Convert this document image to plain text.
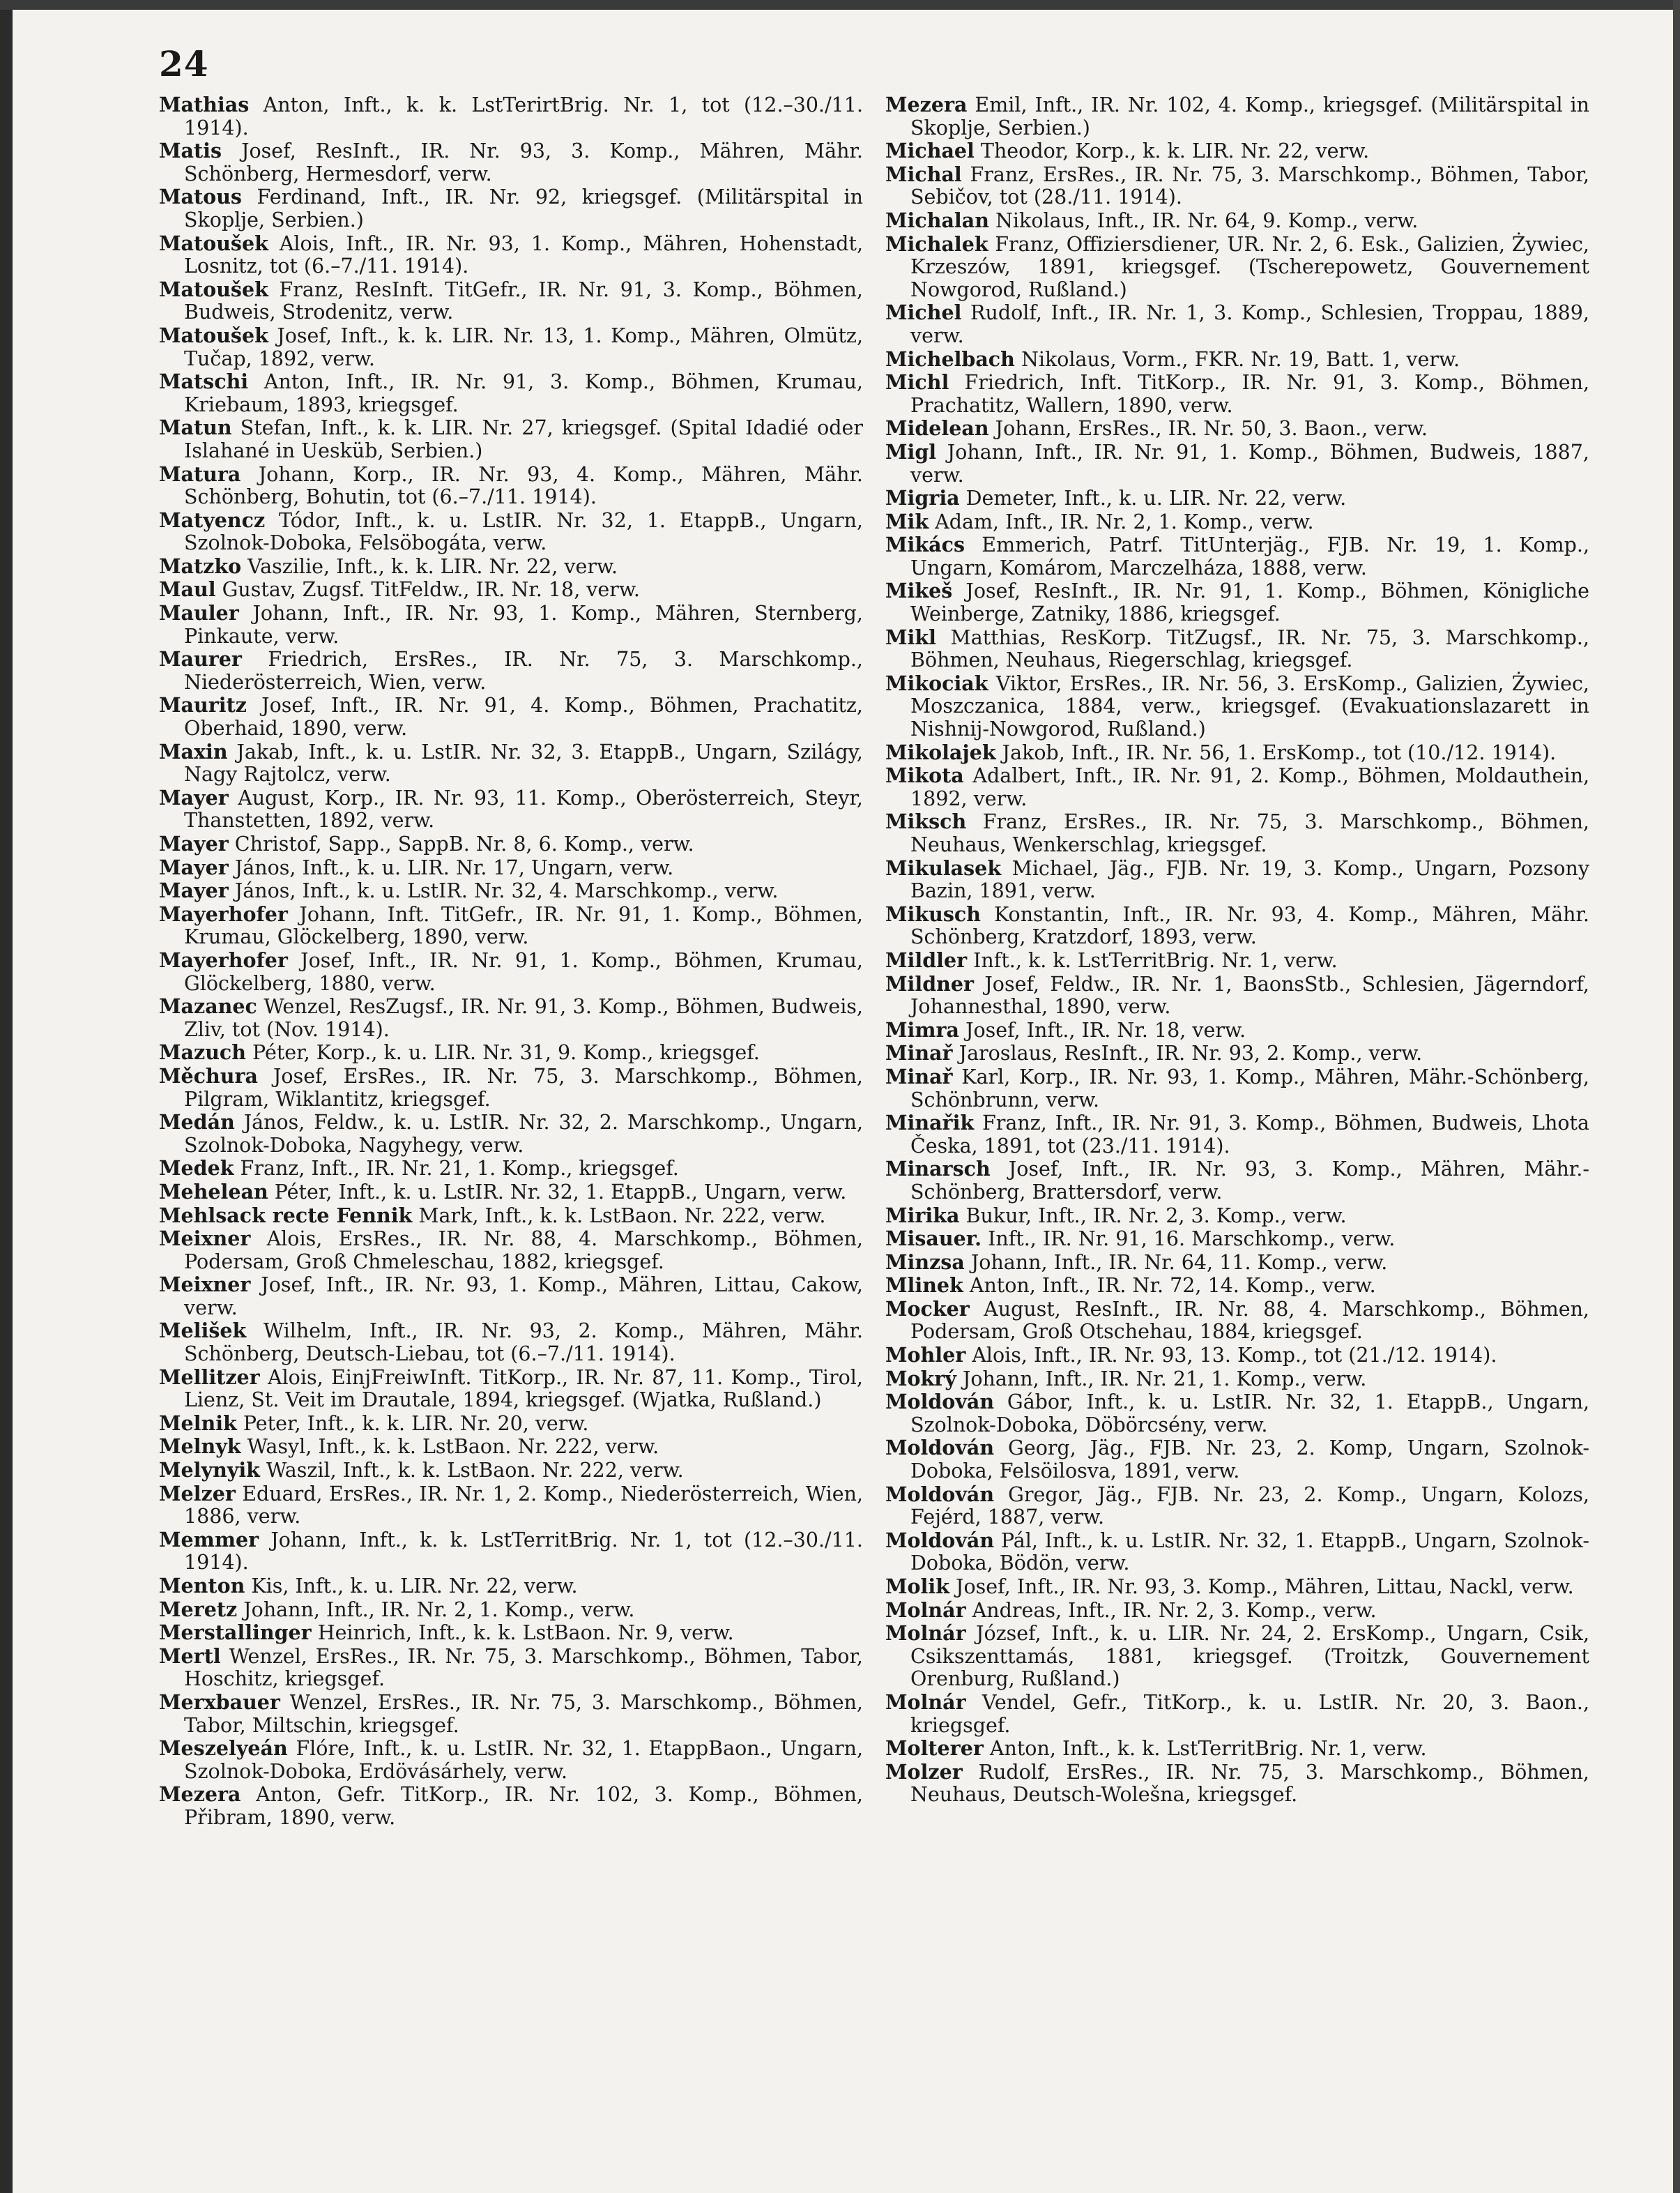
24

Mathias Anton, Inft., k. k. LstTerirtBrig. Nr. 1, tot (12.–30./11. 1914).

Matis Josef, ResInft., IR. Nr. 93, 3. Komp., Mähren, Mähr. Schönberg, Hermesdorf, verw.

Matous Ferdinand, Inft., IR. Nr. 92, kriegsgef. (Militärspital in Skoplje, Serbien.)

Matoušek Alois, Inft., IR. Nr. 93, 1. Komp., Mähren, Hohenstadt, Losnitz, tot (6.–7./11. 1914).

Matoušek Franz, ResInft. TitGefr., IR. Nr. 91, 3. Komp., Böhmen, Budweis, Strodenitz, verw.

Matoušek Josef, Inft., k. k. LIR. Nr. 13, 1. Komp., Mähren, Olmütz, Tučap, 1892, verw.

Matschi Anton, Inft., IR. Nr. 91, 3. Komp., Böhmen, Krumau, Kriebaum, 1893, kriegsgef.

Matun Stefan, Inft., k. k. LIR. Nr. 27, kriegsgef. (Spital Idadié oder Islahané in Uesküb, Serbien.)

Matura Johann, Korp., IR. Nr. 93, 4. Komp., Mähren, Mähr. Schönberg, Bohutin, tot (6.–7./11. 1914).

Matyencz Tódor, Inft., k. u. LstIR. Nr. 32, 1. EtappB., Ungarn, Szolnok-Doboka, Felsöbogáta, verw.

Matzko Vaszilie, Inft., k. k. LIR. Nr. 22, verw.

Maul Gustav, Zugsf. TitFeldw., IR. Nr. 18, verw.

Mauler Johann, Inft., IR. Nr. 93, 1. Komp., Mähren, Sternberg, Pinkaute, verw.

Maurer Friedrich, ErsRes., IR. Nr. 75, 3. Marschkomp., Niederösterreich, Wien, verw.

Mauritz Josef, Inft., IR. Nr. 91, 4. Komp., Böhmen, Prachatitz, Oberhaid, 1890, verw.

Maxin Jakab, Inft., k. u. LstIR. Nr. 32, 3. EtappB., Ungarn, Szilágy, Nagy Rajtolcz, verw.

Mayer August, Korp., IR. Nr. 93, 11. Komp., Oberösterreich, Steyr, Thanstetten, 1892, verw.

Mayer Christof, Sapp., SappB. Nr. 8, 6. Komp., verw.

Mayer János, Inft., k. u. LIR. Nr. 17, Ungarn, verw.

Mayer János, Inft., k. u. LstIR. Nr. 32, 4. Marschkomp., verw.

Mayerhofer Johann, Inft. TitGefr., IR. Nr. 91, 1. Komp., Böhmen, Krumau, Glöckelberg, 1890, verw.

Mayerhofer Josef, Inft., IR. Nr. 91, 1. Komp., Böhmen, Krumau, Glöckelberg, 1880, verw.

Mazanec Wenzel, ResZugsf., IR. Nr. 91, 3. Komp., Böhmen, Budweis, Zliv, tot (Nov. 1914).

Mazuch Péter, Korp., k. u. LIR. Nr. 31, 9. Komp., kriegsgef.

Měchura Josef, ErsRes., IR. Nr. 75, 3. Marschkomp., Böhmen, Pilgram, Wiklantitz, kriegsgef.

Medán János, Feldw., k. u. LstIR. Nr. 32, 2. Marschkomp., Ungarn, Szolnok-Doboka, Nagyhegy, verw.

Medek Franz, Inft., IR. Nr. 21, 1. Komp., kriegsgef.

Mehelean Péter, Inft., k. u. LstIR. Nr. 32, 1. EtappB., Ungarn, verw.

Mehlsack recte Fennik Mark, Inft., k. k. LstBaon. Nr. 222, verw.

Meixner Alois, ErsRes., IR. Nr. 88, 4. Marschkomp., Böhmen, Podersam, Groß Chmeleschau, 1882, kriegsgef.

Meixner Josef, Inft., IR. Nr. 93, 1. Komp., Mähren, Littau, Cakow, verw.

Melišek Wilhelm, Inft., IR. Nr. 93, 2. Komp., Mähren, Mähr. Schönberg, Deutsch-Liebau, tot (6.–7./11. 1914).

Mellitzer Alois, EinjFreiwInft. TitKorp., IR. Nr. 87, 11. Komp., Tirol, Lienz, St. Veit im Drautale, 1894, kriegsgef. (Wjatka, Rußland.)

Melnik Peter, Inft., k. k. LIR. Nr. 20, verw.

Melnyk Wasyl, Inft., k. k. LstBaon. Nr. 222, verw.

Melynyik Waszil, Inft., k. k. LstBaon. Nr. 222, verw.

Melzer Eduard, ErsRes., IR. Nr. 1, 2. Komp., Niederösterreich, Wien, 1886, verw.

Memmer Johann, Inft., k. k. LstTerritBrig. Nr. 1, tot (12.–30./11. 1914).

Menton Kis, Inft., k. u. LIR. Nr. 22, verw.

Meretz Johann, Inft., IR. Nr. 2, 1. Komp., verw.

Merstallinger Heinrich, Inft., k. k. LstBaon. Nr. 9, verw.

Mertl Wenzel, ErsRes., IR. Nr. 75, 3. Marschkomp., Böhmen, Tabor, Hoschitz, kriegsgef.

Merxbauer Wenzel, ErsRes., IR. Nr. 75, 3. Marschkomp., Böhmen, Tabor, Miltschin, kriegsgef.

Meszelyeán Flóre, Inft., k. u. LstIR. Nr. 32, 1. EtappBaon., Ungarn, Szolnok-Doboka, Erdövásárhely, verw.

Mezera Anton, Gefr. TitKorp., IR. Nr. 102, 3. Komp., Böhmen, Přibram, 1890, verw.

Mezera Emil, Inft., IR. Nr. 102, 4. Komp., kriegsgef. (Militärspital in Skoplje, Serbien.)

Michael Theodor, Korp., k. k. LIR. Nr. 22, verw.

Michal Franz, ErsRes., IR. Nr. 75, 3. Marschkomp., Böhmen, Tabor, Sebičov, tot (28./11. 1914).

Michalan Nikolaus, Inft., IR. Nr. 64, 9. Komp., verw.

Michalek Franz, Offiziersdiener, UR. Nr. 2, 6. Esk., Galizien, Żywiec, Krzeszów, 1891, kriegsgef. (Tscherepowetz, Gouvernement Nowgorod, Rußland.)

Michel Rudolf, Inft., IR. Nr. 1, 3. Komp., Schlesien, Troppau, 1889, verw.

Michelbach Nikolaus, Vorm., FKR. Nr. 19, Batt. 1, verw.

Michl Friedrich, Inft. TitKorp., IR. Nr. 91, 3. Komp., Böhmen, Prachatitz, Wallern, 1890, verw.

Midelean Johann, ErsRes., IR. Nr. 50, 3. Baon., verw.

Migl Johann, Inft., IR. Nr. 91, 1. Komp., Böhmen, Budweis, 1887, verw.

Migria Demeter, Inft., k. u. LIR. Nr. 22, verw.

Mik Adam, Inft., IR. Nr. 2, 1. Komp., verw.

Mikács Emmerich, Patrf. TitUnterjäg., FJB. Nr. 19, 1. Komp., Ungarn, Komárom, Marczelháza, 1888, verw.

Mikeš Josef, ResInft., IR. Nr. 91, 1. Komp., Böhmen, Königliche Weinberge, Zatniky, 1886, kriegsgef.

Mikl Matthias, ResKorp. TitZugsf., IR. Nr. 75, 3. Marschkomp., Böhmen, Neuhaus, Riegerschlag, kriegsgef.

Mikociak Viktor, ErsRes., IR. Nr. 56, 3. ErsKomp., Galizien, Żywiec, Moszczanica, 1884, verw., kriegsgef. (Evakuationslazarett in Nishnij-Nowgorod, Rußland.)

Mikolajek Jakob, Inft., IR. Nr. 56, 1. ErsKomp., tot (10./12. 1914).

Mikota Adalbert, Inft., IR. Nr. 91, 2. Komp., Böhmen, Moldauthein, 1892, verw.

Miksch Franz, ErsRes., IR. Nr. 75, 3. Marschkomp., Böhmen, Neuhaus, Wenkerschlag, kriegsgef.

Mikulasek Michael, Jäg., FJB. Nr. 19, 3. Komp., Ungarn, Pozsony Bazin, 1891, verw.

Mikusch Konstantin, Inft., IR. Nr. 93, 4. Komp., Mähren, Mähr. Schönberg, Kratzdorf, 1893, verw.

Mildler Inft., k. k. LstTerritBrig. Nr. 1, verw.

Mildner Josef, Feldw., IR. Nr. 1, BaonsStb., Schlesien, Jägerndorf, Johannesthal, 1890, verw.

Mimra Josef, Inft., IR. Nr. 18, verw.

Minař Jaroslaus, ResInft., IR. Nr. 93, 2. Komp., verw.

Minař Karl, Korp., IR. Nr. 93, 1. Komp., Mähren, Mähr.-Schönberg, Schönbrunn, verw.

Minařik Franz, Inft., IR. Nr. 91, 3. Komp., Böhmen, Budweis, Lhota Česka, 1891, tot (23./11. 1914).

Minarsch Josef, Inft., IR. Nr. 93, 3. Komp., Mähren, Mähr.-Schönberg, Brattersdorf, verw.

Mirika Bukur, Inft., IR. Nr. 2, 3. Komp., verw.

Misauer. Inft., IR. Nr. 91, 16. Marschkomp., verw.

Minzsa Johann, Inft., IR. Nr. 64, 11. Komp., verw.

Mlinek Anton, Inft., IR. Nr. 72, 14. Komp., verw.

Mocker August, ResInft., IR. Nr. 88, 4. Marschkomp., Böhmen, Podersam, Groß Otschehau, 1884, kriegsgef.

Mohler Alois, Inft., IR. Nr. 93, 13. Komp., tot (21./12. 1914).

Mokrý Johann, Inft., IR. Nr. 21, 1. Komp., verw.

Moldován Gábor, Inft., k. u. LstIR. Nr. 32, 1. EtappB., Ungarn, Szolnok-Doboka, Döbörcsény, verw.

Moldován Georg, Jäg., FJB. Nr. 23, 2. Komp, Ungarn, Szolnok-Doboka, Felsöilosva, 1891, verw.

Moldován Gregor, Jäg., FJB. Nr. 23, 2. Komp., Ungarn, Kolozs, Fejérd, 1887, verw.

Moldován Pál, Inft., k. u. LstIR. Nr. 32, 1. EtappB., Ungarn, Szolnok-Doboka, Bödön, verw.

Molik Josef, Inft., IR. Nr. 93, 3. Komp., Mähren, Littau, Nackl, verw.

Molnár Andreas, Inft., IR. Nr. 2, 3. Komp., verw.

Molnár József, Inft., k. u. LIR. Nr. 24, 2. ErsKomp., Ungarn, Csik, Csikszenttamás, 1881, kriegsgef. (Troitzk, Gouvernement Orenburg, Rußland.)

Molnár Vendel, Gefr., TitKorp., k. u. LstIR. Nr. 20, 3. Baon., kriegsgef.

Molterer Anton, Inft., k. k. LstTerritBrig. Nr. 1, verw.

Molzer Rudolf, ErsRes., IR. Nr. 75, 3. Marschkomp., Böhmen, Neuhaus, Deutsch-Wolešna, kriegsgef.
